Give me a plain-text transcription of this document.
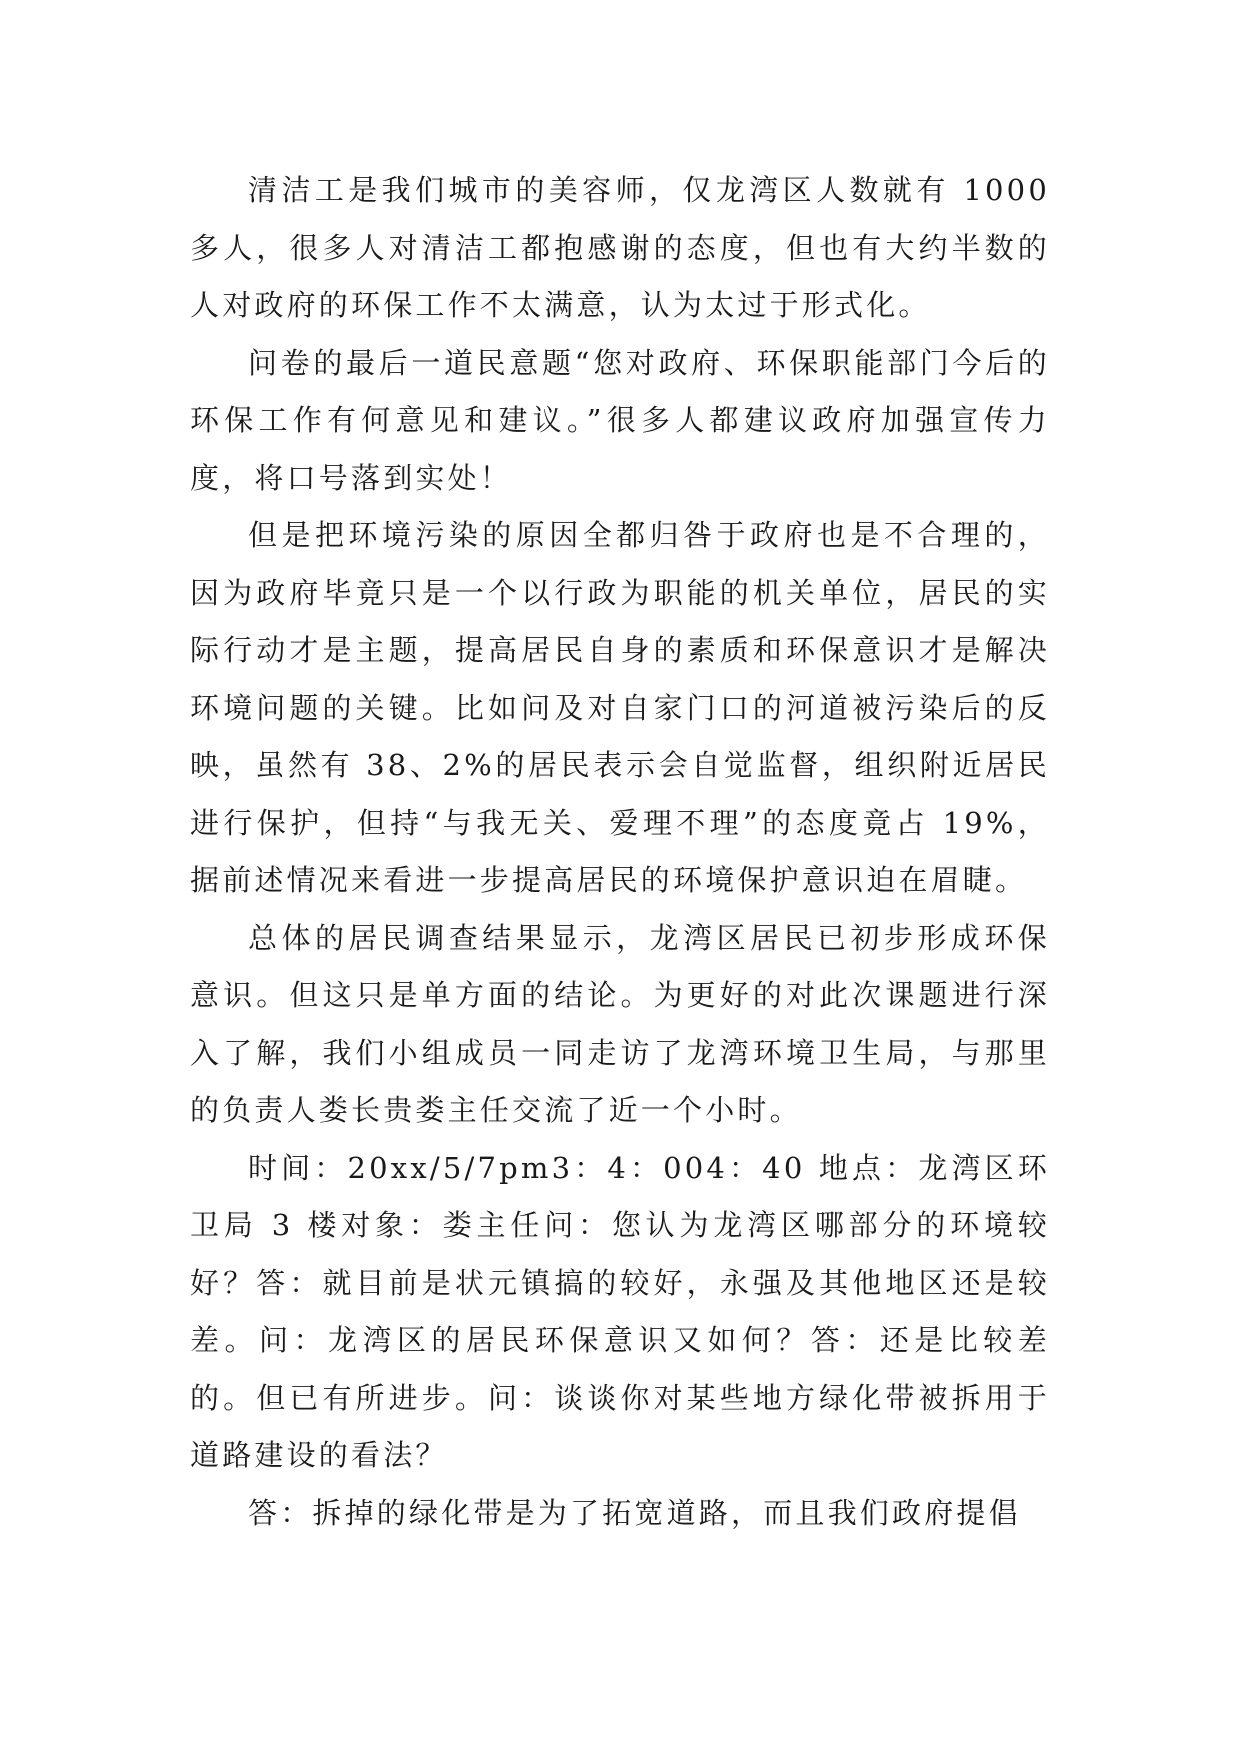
清洁工是我们城市的美容师，仅龙湾区人数就有 1000 多人，很多人对清洁工都抱感谢的态度，但也有大约半数的人对政府的环保工作不太满意，认为太过于形式化。

问卷的最后一道民意题“您对政府、环保职能部门今后的环保工作有何意见和建议。”很多人都建议政府加强宣传力度，将口号落到实处！

但是把环境污染的原因全都归咎于政府也是不合理的，因为政府毕竟只是一个以行政为职能的机关单位，居民的实际行动才是主题，提高居民自身的素质和环保意识才是解决环境问题的关键。比如问及对自家门口的河道被污染后的反映，虽然有 38、2%的居民表示会自觉监督，组织附近居民进行保护，但持“与我无关、爱理不理”的态度竟占 19%，据前述情况来看进一步提高居民的环境保护意识迫在眉睫。

总体的居民调查结果显示，龙湾区居民已初步形成环保意识。但这只是单方面的结论。为更好的对此次课题进行深入了解，我们小组成员一同走访了龙湾环境卫生局，与那里的负责人娄长贵娄主任交流了近一个小时。

时间：20xx/5/7pm3：4：004：40 地点：龙湾区环卫局 3 楼对象：娄主任问：您认为龙湾区哪部分的环境较好？答：就目前是状元镇搞的较好，永强及其他地区还是较差。问：龙湾区的居民环保意识又如何？答：还是比较差的。但已有所进步。问：谈谈你对某些地方绿化带被拆用于道路建设的看法？

答：拆掉的绿化带是为了拓宽道路，而且我们政府提倡
